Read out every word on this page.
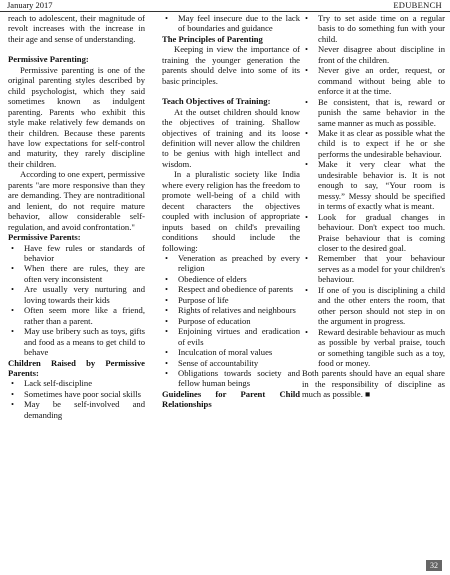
January 2017	EDUBENCH

reach to adolescent, their magnitude of revolt increases with the increase in their age and sense of understanding.

Permissive Parenting:

Permissive parenting is one of the original parenting styles described by child psychologist, which they said sometimes known as indulgent parenting. Parents who exhibit this style make relatively few demands on their children. Because these parents have low expectations for self-control and maturity, they rarely discipline their children.

According to one expert, permissive parents "are more responsive than they are demanding. They are nontraditional and lenient, do not require mature behavior, allow considerable self-regulation, and avoid confrontation."

Permissive Parents:

• Have few rules or standards of behavior
• When there are rules, they are often very inconsistent
• Are usually very nurturing and loving towards their kids
• Often seem more like a friend, rather than a parent.
• May use bribery such as toys, gifts and food as a means to get child to behave

Children Raised by Permissive Parents:

• Lack self-discipline
• Sometimes have poor social skills
• May be self-involved and demanding
• May feel insecure due to the lack of boundaries and guidance

The Principles of Parenting

Keeping in view the importance of training the younger generation the parents should delve into some of its basic principles.

Teach Objectives of Training:

At the outset children should know the objectives of training. Shallow objectives of training and its loose definition will never allow the children to be genius with high intellect and wisdom.

In a pluralistic society like India where every religion has the freedom to promote well-being of a child with decent characters the objectives coupled with inclusion of appropriate inputs based on child's prevailing conditions should include the following:

• Veneration as preached by every religion
• Obedience of elders
• Respect and obedience of parents
• Purpose of life
• Rights of relatives and neighbours
• Purpose of education
• Enjoining virtues and eradication of evils
• Inculcation of moral values
• Sense of accountability
• Obligations towards society and fellow human beings

Guidelines for Parent Child Relationships

• Try to set aside time on a regular basis to do something fun with your child.
• Never disagree about discipline in front of the children.
• Never give an order, request, or command without being able to enforce it at the time.
• Be consistent, that is, reward or punish the same behavior in the same manner as much as possible.
• Make it as clear as possible what the child is to expect if he or she performs the undesirable behaviour.
• Make it very clear what the undesirable behavior is. It is not enough to say, “Your room is messy.” Messy should be specified in terms of exactly what is meant.
• Look for gradual changes in behaviour. Don't expect too much. Praise behaviour that is coming closer to the desired goal.
• Remember that your behaviour serves as a model for your children's behaviour.
• If one of you is disciplining a child and the other enters the room, that other person should not step in on the argument in progress.
• Reward desirable behaviour as much as possible by verbal praise, touch or something tangible such as a toy, food or money.

Both parents should have an equal share in the responsibility of discipline as much as possible. ■

32
